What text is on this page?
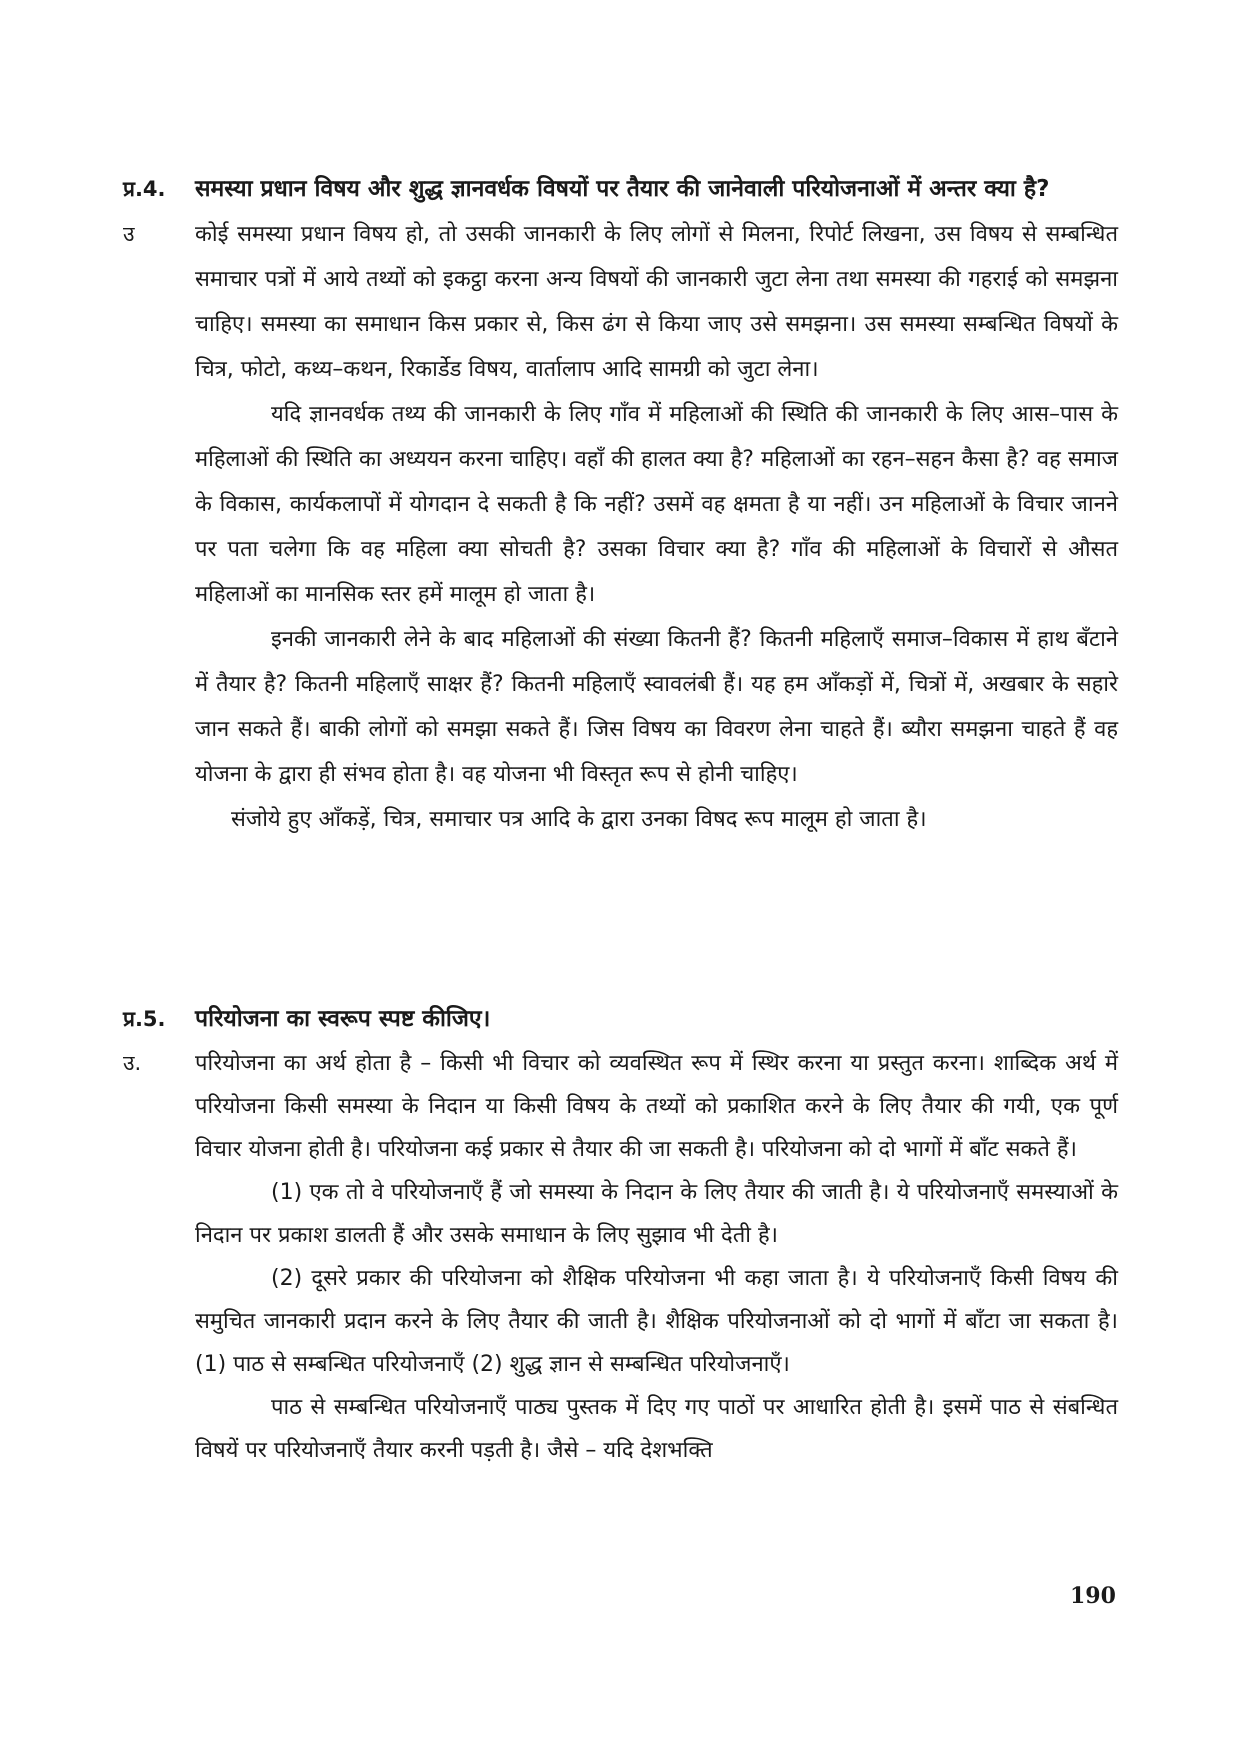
प्र.4.	समस्या प्रधान विषय और शुद्ध ज्ञानवर्धक विषयों पर तैयार की जानेवाली परियोजनाओं में अन्तर क्या है?
उ	कोई समस्या प्रधान विषय हो, तो उसकी जानकारी के लिए लोगों से मिलना, रिपोर्ट लिखना, उस विषय से सम्बन्धित समाचार पत्रों में आये तथ्यों को इकट्ठा करना अन्य विषयों की जानकारी जुटा लेना तथा समस्या की गहराई को समझना चाहिए। समस्या का समाधान किस प्रकार से, किस ढंग से किया जाए उसे समझना। उस समस्या सम्बन्धित विषयों के चित्र, फोटो, कथ्य–कथन, रिकार्डेड विषय, वार्तालाप आदि सामग्री को जुटा लेना।

यदि ज्ञानवर्धक तथ्य की जानकारी के लिए गाँव में महिलाओं की स्थिति की जानकारी के लिए आस–पास के महिलाओं की स्थिति का अध्ययन करना चाहिए। वहाँ की हालत क्या है? महिलाओं का रहन–सहन कैसा है? वह समाज के विकास, कार्यकलापों में योगदान दे सकती है कि नहीं? उसमें वह क्षमता है या नहीं। उन महिलाओं के विचार जानने पर पता चलेगा कि वह महिला क्या सोचती है? उसका विचार क्या है? गाँव की महिलाओं के विचारों से औसत महिलाओं का मानसिक स्तर हमें मालूम हो जाता है।

इनकी जानकारी लेने के बाद महिलाओं की संख्या कितनी हैं? कितनी महिलाएँ समाज–विकास में हाथ बँटाने में तैयार है? कितनी महिलाएँ साक्षर हैं? कितनी महिलाएँ स्वावलंबी हैं। यह हम आँकड़ों में, चित्रों में, अखबार के सहारे जान सकते हैं। बाकी लोगों को समझा सकते हैं। जिस विषय का विवरण लेना चाहते हैं। ब्यौरा समझना चाहते हैं वह योजना के द्वारा ही संभव होता है। वह योजना भी विस्तृत रूप से होनी चाहिए।

संजोये हुए आँकड़ें, चित्र, समाचार पत्र आदि के द्वारा उनका विषद रूप मालूम हो जाता है।

प्र.5.	परियोजना का स्वरूप स्पष्ट कीजिए।
उ.	परियोजना का अर्थ होता है – किसी भी विचार को व्यवस्थित रूप में स्थिर करना या प्रस्तुत करना। शाब्दिक अर्थ में परियोजना किसी समस्या के निदान या किसी विषय के तथ्यों को प्रकाशित करने के लिए तैयार की गयी, एक पूर्ण विचार योजना होती है। परियोजना कई प्रकार से तैयार की जा सकती है। परियोजना को दो भागों में बाँट सकते हैं।

(1) एक तो वे परियोजनाएँ हैं जो समस्या के निदान के लिए तैयार की जाती है। ये परियोजनाएँ समस्याओं के निदान पर प्रकाश डालती हैं और उसके समाधान के लिए सुझाव भी देती है।

(2) दूसरे प्रकार की परियोजना को शैक्षिक परियोजना भी कहा जाता है। ये परियोजनाएँ किसी विषय की समुचित जानकारी प्रदान करने के लिए तैयार की जाती है। शैक्षिक परियोजनाओं को दो भागों में बाँटा जा सकता है। (1) पाठ से सम्बन्धित परियोजनाएँ (2) शुद्ध ज्ञान से सम्बन्धित परियोजनाएँ।

पाठ से सम्बन्धित परियोजनाएँ पाठ्य पुस्तक में दिए गए पाठों पर आधारित होती है। इसमें पाठ से संबन्धित विषयें पर परियोजनाएँ तैयार करनी पड़ती है। जैसे – यदि देशभक्ति

190
